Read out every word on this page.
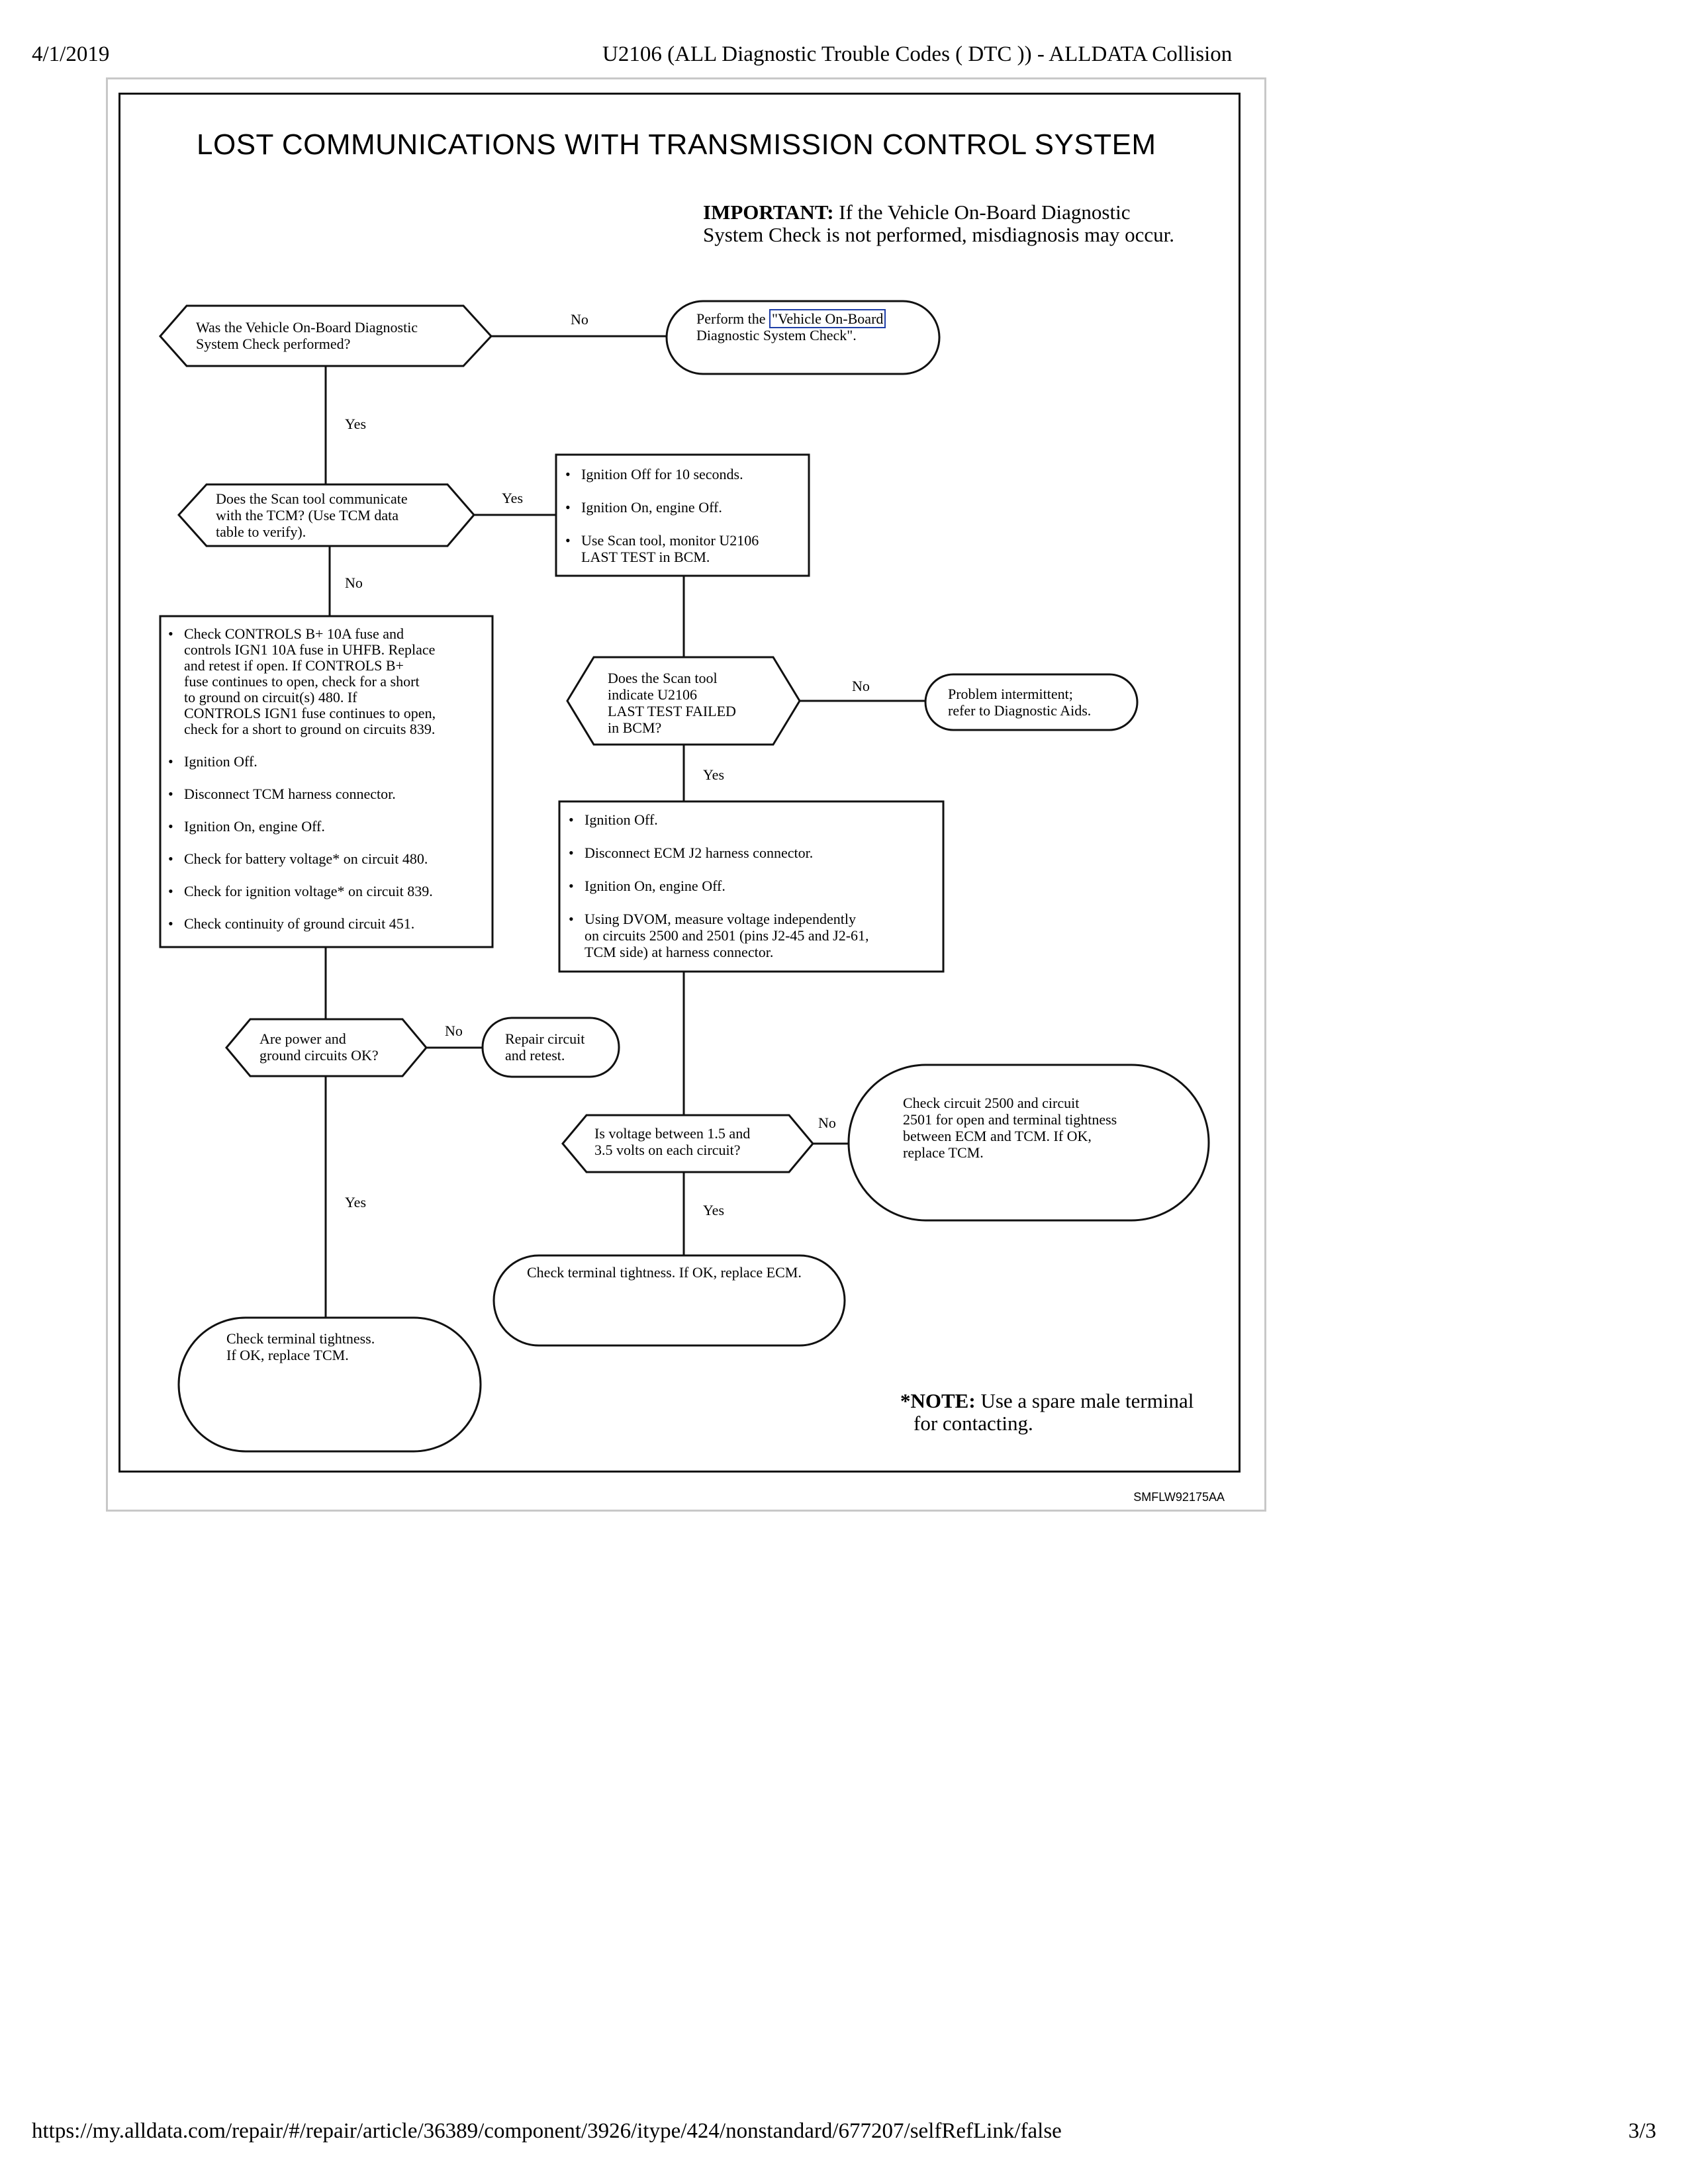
4/1/2019	U2106 (ALL Diagnostic Trouble Codes ( DTC )) - ALLDATA Collision
LOST COMMUNICATIONS WITH TRANSMISSION CONTROL SYSTEM
IMPORTANT: If the Vehicle On-Board Diagnostic
System Check is not performed, misdiagnosis may occur.
Was the Vehicle On-Board Diagnostic
System Check performed?
No	Perform the "Vehicle On-Board
Diagnostic System Check".
Yes
Does the Scan tool communicate
with the TCM? (Use TCM data
table to verify).
Yes
No
• Ignition Off for 10 seconds.
• Ignition On, engine Off.
• Use Scan tool, monitor U2106
LAST TEST in BCM.
• Check CONTROLS B+ 10A fuse and
controls IGN1 10A fuse in UHFB. Replace
and retest if open. If CONTROLS B+
fuse continues to open, check for a short
to ground on circuit(s) 480. If
CONTROLS IGN1 fuse continues to open,
check for a short to ground on circuits 839.
• Ignition Off.
• Disconnect TCM harness connector.
• Ignition On, engine Off.
• Check for battery voltage* on circuit 480.
• Check for ignition voltage* on circuit 839.
• Check continuity of ground circuit 451.
Does the Scan tool
indicate U2106
LAST TEST FAILED
in BCM?
No	Problem intermittent;
refer to Diagnostic Aids.
Yes
• Ignition Off.
• Disconnect ECM J2 harness connector.
• Ignition On, engine Off.
• Using DVOM, measure voltage independently
on circuits 2500 and 2501 (pins J2-45 and J2-61,
TCM side) at harness connector.
Are power and
ground circuits OK?
No	Repair circuit
and retest.
Yes
Is voltage between 1.5 and
3.5 volts on each circuit?
No
Check circuit 2500 and circuit
2501 for open and terminal tightness
between ECM and TCM. If OK,
replace TCM.
Yes
Check terminal tightness. If OK, replace ECM.
Check terminal tightness.
If OK, replace TCM.
*NOTE: Use a spare male terminal
for contacting.
SMFLW92175AA
https://my.alldata.com/repair/#/repair/article/36389/component/3926/itype/424/nonstandard/677207/selfRefLink/false	3/3
